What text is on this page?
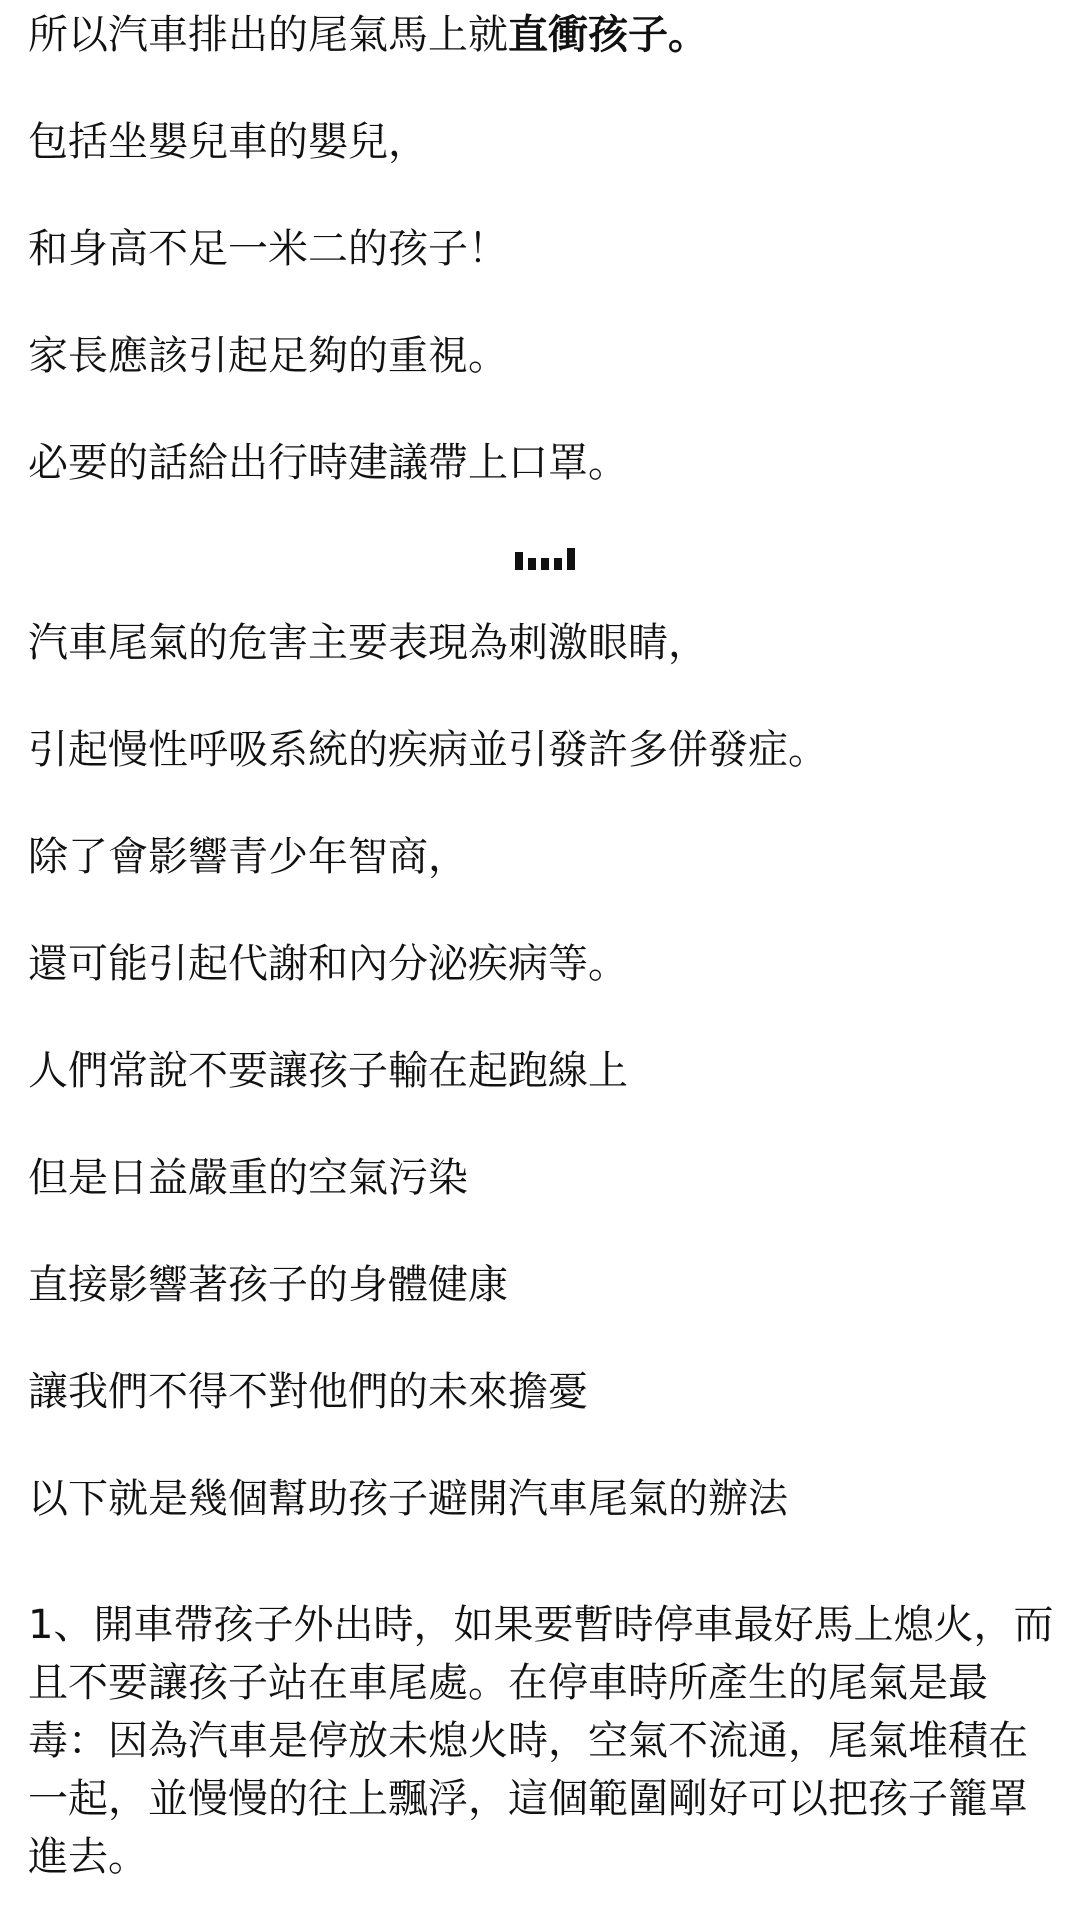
所以汽車排出的尾氣馬上就直衝孩子。

包括坐嬰兒車的嬰兒，

和身高不足一米二的孩子！

家長應該引起足夠的重視。

必要的話給出行時建議帶上口罩。

汽車尾氣的危害主要表現為刺激眼睛，

引起慢性呼吸系統的疾病並引發許多併發症。

除了會影響青少年智商，

還可能引起代謝和內分泌疾病等。

人們常說不要讓孩子輸在起跑線上

但是日益嚴重的空氣污染

直接影響著孩子的身體健康

讓我們不得不對他們的未來擔憂

以下就是幾個幫助孩子避開汽車尾氣的辦法

1、開車帶孩子外出時，如果要暫時停車最好馬上熄火，而且不要讓孩子站在車尾處。在停車時所產生的尾氣是最毒：因為汽車是停放未熄火時，空氣不流通，尾氣堆積在一起，並慢慢的往上飄浮，這個範圍剛好可以把孩子籠罩進去。
